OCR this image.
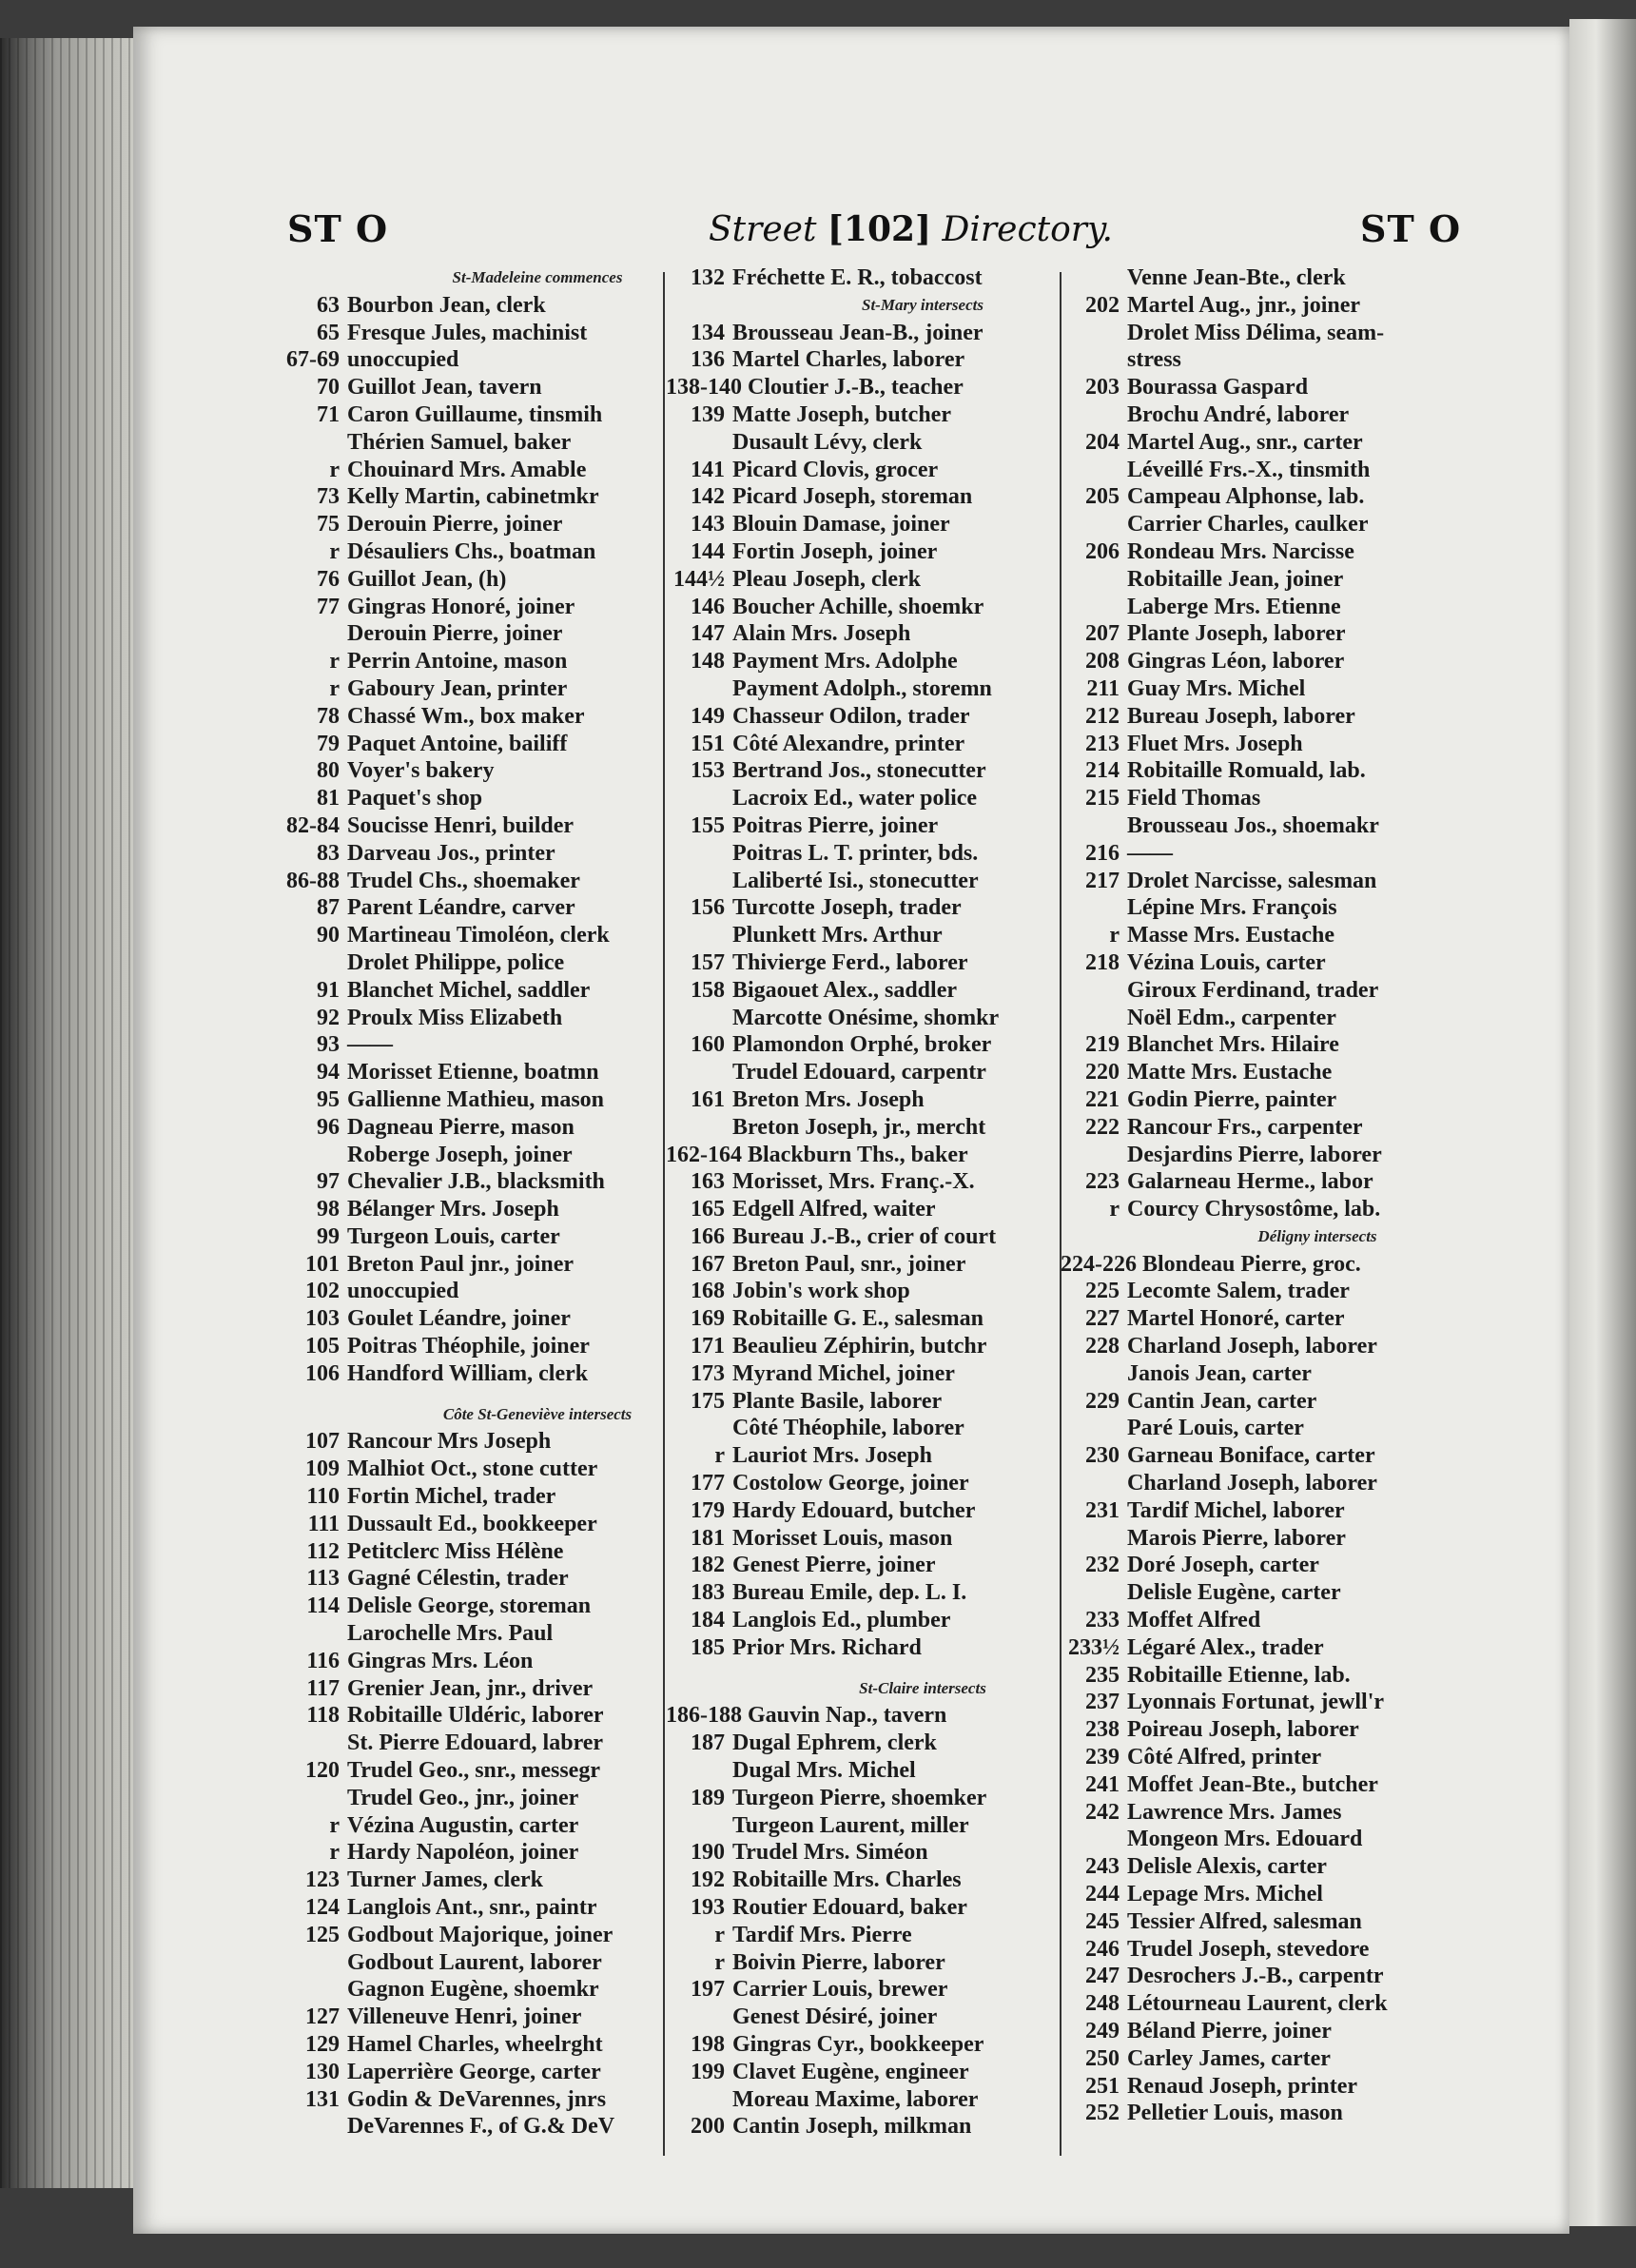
ST O	Street [102] Directory.	ST O
St-Madeleine commences
63 Bourbon Jean, clerk
65 Fresque Jules, machinist
67-69 unoccupied
70 Guillot Jean, tavern
71 Caron Guillaume, tinsmih
Thérien Samuel, baker
r Chouinard Mrs. Amable
73 Kelly Martin, cabinetmkr
75 Derouin Pierre, joiner
r Désauliers Chs., boatman
76 Guillot Jean, (h)
77 Gingras Honoré, joiner
Derouin Pierre, joiner
r Perrin Antoine, mason
r Gaboury Jean, printer
78 Chassé Wm., box maker
79 Paquet Antoine, bailiff
80 Voyer's bakery
81 Paquet's shop
82-84 Soucisse Henri, builder
83 Darveau Jos., printer
86-88 Trudel Chs., shoemaker
87 Parent Léandre, carver
90 Martineau Timoléon, clerk
Drolet Philippe, police
91 Blanchet Michel, saddler
92 Proulx Miss Elizabeth
93 ——
94 Morisset Etienne, boatmn
95 Gallienne Mathieu, mason
96 Dagneau Pierre, mason
Roberge Joseph, joiner
97 Chevalier J.B., blacksmith
98 Bélanger Mrs. Joseph
99 Turgeon Louis, carter
101 Breton Paul jnr., joiner
102 unoccupied
103 Goulet Léandre, joiner
105 Poitras Théophile, joiner
106 Handford William, clerk
Côte St-Geneviève intersects
107 Rancour Mrs Joseph
109 Malhiot Oct., stone cutter
110 Fortin Michel, trader
111 Dussault Ed., bookkeeper
112 Petitclerc Miss Hélène
113 Gagné Célestin, trader
114 Delisle George, storeman
Larochelle Mrs. Paul
116 Gingras Mrs. Léon
117 Grenier Jean, jnr., driver
118 Robitaille Uldéric, laborer
St. Pierre Edouard, labrer
120 Trudel Geo., snr., messegr
Trudel Geo., jnr., joiner
r Vézina Augustin, carter
r Hardy Napoléon, joiner
123 Turner James, clerk
124 Langlois Ant., snr., paintr
125 Godbout Majorique, joiner
Godbout Laurent, laborer
Gagnon Eugène, shoemkr
127 Villeneuve Henri, joiner
129 Hamel Charles, wheelrght
130 Laperrière George, carter
131 Godin & DeVarennes, jnrs
DeVarennes F., of G.& DeV
132 Fréchette E. R., tobaccost
St-Mary intersects
134 Brousseau Jean-B., joiner
136 Martel Charles, laborer
138-140 Cloutier J.-B., teacher
139 Matte Joseph, butcher
Dusault Lévy, clerk
141 Picard Clovis, grocer
142 Picard Joseph, storeman
143 Blouin Damase, joiner
144 Fortin Joseph, joiner
144½ Pleau Joseph, clerk
146 Boucher Achille, shoemkr
147 Alain Mrs. Joseph
148 Payment Mrs. Adolphe
Payment Adolph., storemn
149 Chasseur Odilon, trader
151 Côté Alexandre, printer
153 Bertrand Jos., stonecutter
Lacroix Ed., water police
155 Poitras Pierre, joiner
Poitras L. T. printer, bds.
Laliberté Isi., stonecutter
156 Turcotte Joseph, trader
Plunkett Mrs. Arthur
157 Thivierge Ferd., laborer
158 Bigaouet Alex., saddler
Marcotte Onésime, shomkr
160 Plamondon Orphé, broker
Trudel Edouard, carpentr
161 Breton Mrs. Joseph
Breton Joseph, jr., mercht
162-164 Blackburn Ths., baker
163 Morisset, Mrs. Franç.-X.
165 Edgell Alfred, waiter
166 Bureau J.-B., crier of court
167 Breton Paul, snr., joiner
168 Jobin's work shop
169 Robitaille G. E., salesman
171 Beaulieu Zéphirin, butchr
173 Myrand Michel, joiner
175 Plante Basile, laborer
Côté Théophile, laborer
r Lauriot Mrs. Joseph
177 Costolow George, joiner
179 Hardy Edouard, butcher
181 Morisset Louis, mason
182 Genest Pierre, joiner
183 Bureau Emile, dep. L. I.
184 Langlois Ed., plumber
185 Prior Mrs. Richard
St-Claire intersects
186-188 Gauvin Nap., tavern
187 Dugal Ephrem, clerk
Dugal Mrs. Michel
189 Turgeon Pierre, shoemker
Turgeon Laurent, miller
190 Trudel Mrs. Siméon
192 Robitaille Mrs. Charles
193 Routier Edouard, baker
r Tardif Mrs. Pierre
r Boivin Pierre, laborer
197 Carrier Louis, brewer
Genest Désiré, joiner
198 Gingras Cyr., bookkeeper
199 Clavet Eugène, engineer
Moreau Maxime, laborer
200 Cantin Joseph, milkman
Venne Jean-Bte., clerk
202 Martel Aug., jnr., joiner
Drolet Miss Délima, seam-
stress
203 Bourassa Gaspard
Brochu André, laborer
204 Martel Aug., snr., carter
Léveillé Frs.-X., tinsmith
205 Campeau Alphonse, lab.
Carrier Charles, caulker
206 Rondeau Mrs. Narcisse
Robitaille Jean, joiner
Laberge Mrs. Etienne
207 Plante Joseph, laborer
208 Gingras Léon, laborer
211 Guay Mrs. Michel
212 Bureau Joseph, laborer
213 Fluet Mrs. Joseph
214 Robitaille Romuald, lab.
215 Field Thomas
Brousseau Jos., shoemakr
216 ——
217 Drolet Narcisse, salesman
Lépine Mrs. François
r Masse Mrs. Eustache
218 Vézina Louis, carter
Giroux Ferdinand, trader
Noël Edm., carpenter
219 Blanchet Mrs. Hilaire
220 Matte Mrs. Eustache
221 Godin Pierre, painter
222 Rancour Frs., carpenter
Desjardins Pierre, laborer
223 Galarneau Herme., labor
r Courcy Chrysostôme, lab.
Déligny intersects
224-226 Blondeau Pierre, groc.
225 Lecomte Salem, trader
227 Martel Honoré, carter
228 Charland Joseph, laborer
Janois Jean, carter
229 Cantin Jean, carter
Paré Louis, carter
230 Garneau Boniface, carter
Charland Joseph, laborer
231 Tardif Michel, laborer
Marois Pierre, laborer
232 Doré Joseph, carter
Delisle Eugène, carter
233 Moffet Alfred
233½ Légaré Alex., trader
235 Robitaille Etienne, lab.
237 Lyonnais Fortunat, jewll'r
238 Poireau Joseph, laborer
239 Côté Alfred, printer
241 Moffet Jean-Bte., butcher
242 Lawrence Mrs. James
Mongeon Mrs. Edouard
243 Delisle Alexis, carter
244 Lepage Mrs. Michel
245 Tessier Alfred, salesman
246 Trudel Joseph, stevedore
247 Desrochers J.-B., carpentr
248 Létourneau Laurent, clerk
249 Béland Pierre, joiner
250 Carley James, carter
251 Renaud Joseph, printer
252 Pelletier Louis, mason
